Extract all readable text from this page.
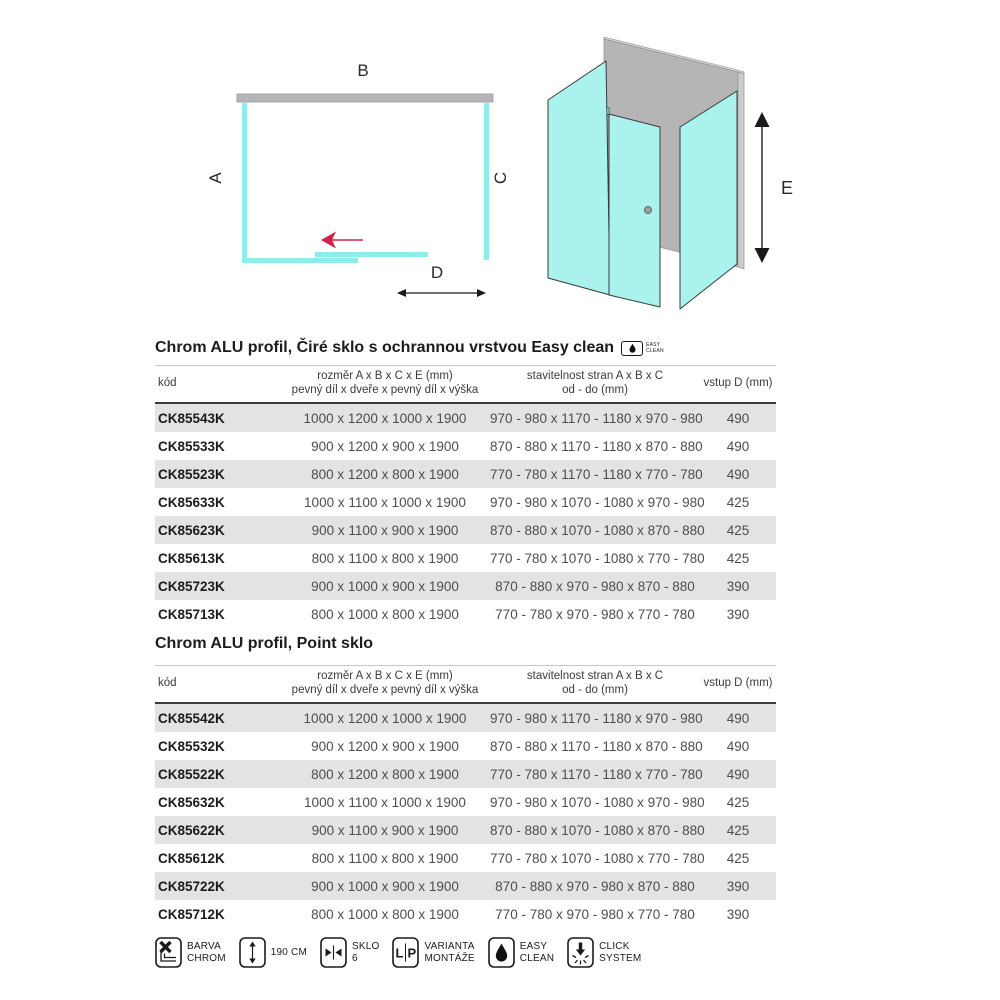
B
A	C
D
E
Chrom ALU profil, Čiré sklo s ochrannou vrstvou Easy clean	EASY
CLEAN
kód	
rozměr A x B x C x E (mm)
pevný díl x dveře x pevný díl x výška

stavitelnost stran A x B x C
od - do (mm)
	vstup D (mm)
CK85543K	1000 x 1200 x 1000 x 1900	970 - 980 x 1170 - 1180 x 970 - 980	490
CK85533K	900 x 1200 x 900 x 1900	870 - 880 x 1170 - 1180 x 870 - 880	490
CK85523K	800 x 1200 x 800 x 1900	770 - 780 x 1170 - 1180 x 770 - 780	490
CK85633K	1000 x 1100 x 1000 x 1900	970 - 980 x 1070 - 1080 x 970 - 980	425
CK85623K	900 x 1100 x 900 x 1900	870 - 880 x 1070 - 1080 x 870 - 880	425
CK85613K	800 x 1100 x 800 x 1900	770 - 780 x 1070 - 1080 x 770 - 780	425
CK85723K	900 x 1000 x 900 x 1900	870 - 880 x 970 - 980 x 870 - 880	390
CK85713K	800 x 1000 x 800 x 1900	770 - 780 x 970 - 980 x 770 - 780	390
Chrom ALU profil, Point sklo
kód	
rozměr A x B x C x E (mm)
pevný díl x dveře x pevný díl x výška

stavitelnost stran A x B x C
od - do (mm)
	vstup D (mm)
CK85542K	1000 x 1200 x 1000 x 1900	970 - 980 x 1170 - 1180 x 970 - 980	490
CK85532K	900 x 1200 x 900 x 1900	870 - 880 x 1170 - 1180 x 870 - 880	490
CK85522K	800 x 1200 x 800 x 1900	770 - 780 x 1170 - 1180 x 770 - 780	490
CK85632K	1000 x 1100 x 1000 x 1900	970 - 980 x 1070 - 1080 x 970 - 980	425
CK85622K	900 x 1100 x 900 x 1900	870 - 880 x 1070 - 1080 x 870 - 880	425
CK85612K	800 x 1100 x 800 x 1900	770 - 780 x 1070 - 1080 x 770 - 780	425
CK85722K	900 x 1000 x 900 x 1900	870 - 880 x 970 - 980 x 870 - 880	390
CK85712K	800 x 1000 x 800 x 1900	770 - 780 x 970 - 980 x 770 - 780	390
BARVA
CHROM
190 CM
SKLO
6	L P VARIANTA
MONTÁŽE
EASY
CLEAN
CLICK
SYSTEM
